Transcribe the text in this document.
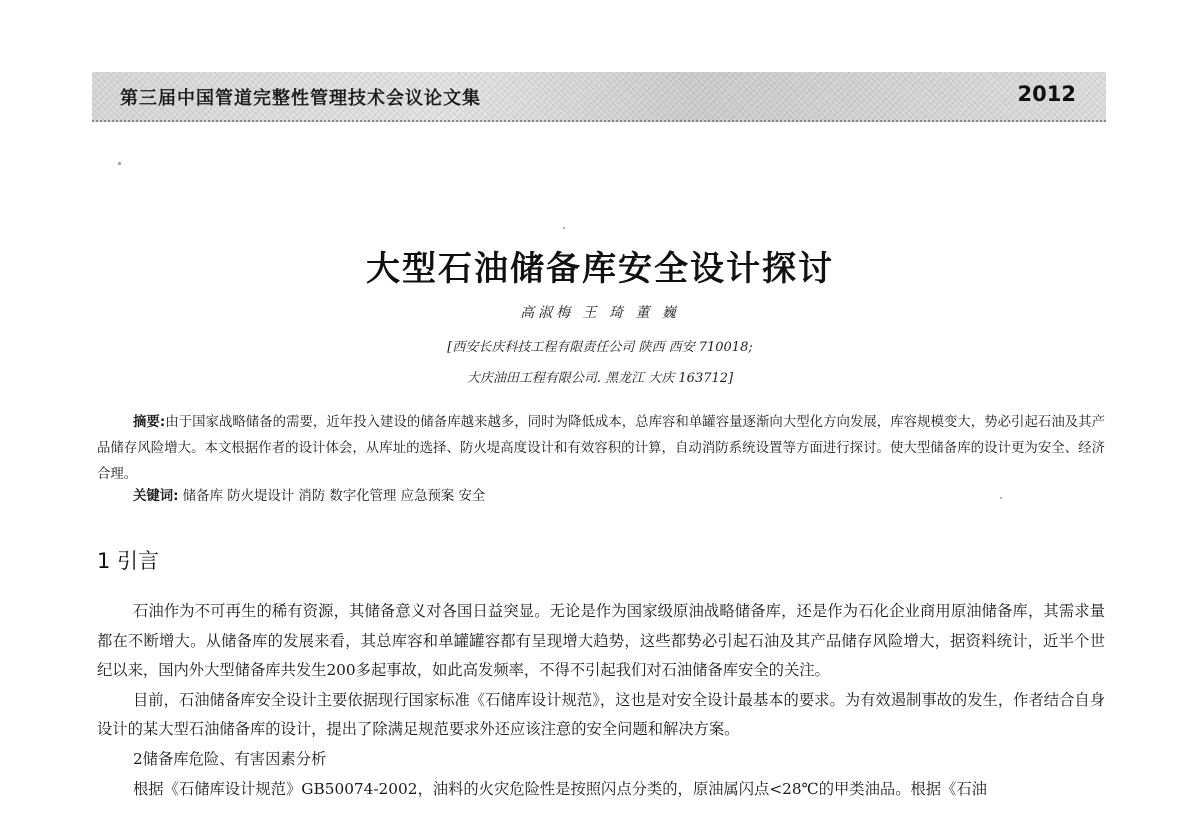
第三届中国管道完整性管理技术会议论文集	2012
大型石油储备库安全设计探讨
高淑梅 王 琦 董 巍
[西安长庆科技工程有限责任公司 陕西 西安 710018;
大庆油田工程有限公司. 黑龙江 大庆 163712]
摘要:由于国家战略储备的需要，近年投入建设的储备库越来越多，同时为降低成本，总库容和单罐容量逐渐向大型化方向发展，库容规模变大，势必引起石油及其产品储存风险增大。本文根据作者的设计体会，从库址的选择、防火堤高度设计和有效容积的计算，自动消防系统设置等方面进行探讨。使大型储备库的设计更为安全、经济合理。
关键词: 储备库 防火堤设计 消防 数字化管理 应急预案 安全
1 引言

石油作为不可再生的稀有资源，其储备意义对各国日益突显。无论是作为国家级原油战略储备库，还是作为石化企业商用原油储备库，其需求量都在不断增大。从储备库的发展来看，其总库容和单罐罐容都有呈现增大趋势，这些都势必引起石油及其产品储存风险增大，据资料统计，近半个世纪以来，国内外大型储备库共发生200多起事故，如此高发频率，不得不引起我们对石油储备库安全的关注。

目前，石油储备库安全设计主要依据现行国家标准《石储库设计规范》，这也是对安全设计最基本的要求。为有效遏制事故的发生，作者结合自身设计的某大型石油储备库的设计，提出了除满足规范要求外还应该注意的安全问题和解决方案。

2储备库危险、有害因素分析

根据《石储库设计规范》GB50074-2002，油料的火灾危险性是按照闪点分类的，原油属闪点<28℃的甲类油品。根据《石油
